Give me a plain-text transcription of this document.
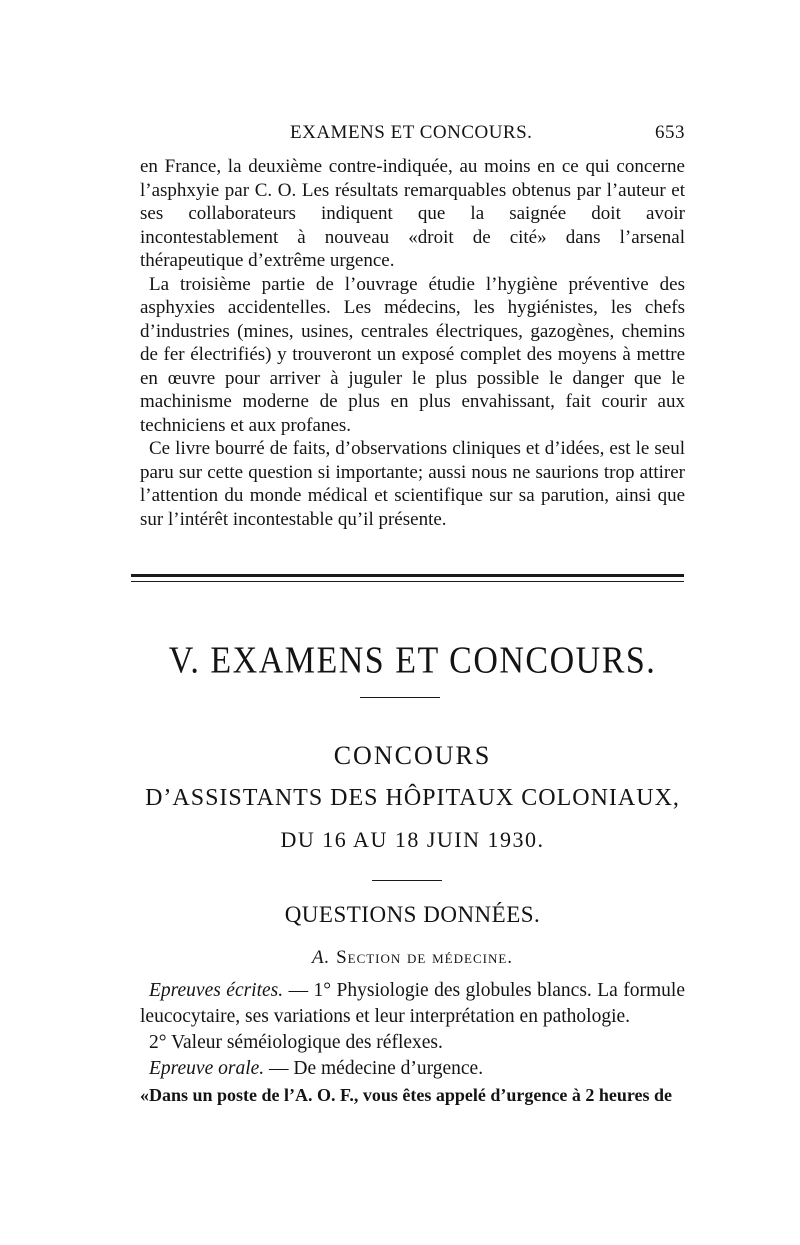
EXAMENS ET CONCOURS.	653

en France, la deuxième contre-indiquée, au moins en ce qui concerne l’asphxyie par C. O. Les résultats remarquables obtenus par l’auteur et ses collaborateurs indiquent que la saignée doit avoir incontestablement à nouveau «droit de cité» dans l’arsenal thérapeutique d’extrême urgence.

La troisième partie de l’ouvrage étudie l’hygiène préventive des asphyxies accidentelles. Les médecins, les hygiénistes, les chefs d’industries (mines, usines, centrales électriques, gazogènes, chemins de fer électrifiés) y trouveront un exposé complet des moyens à mettre en œuvre pour arriver à juguler le plus possible le danger que le machinisme moderne de plus en plus envahissant, fait courir aux techniciens et aux profanes.

Ce livre bourré de faits, d’observations cliniques et d’idées, est le seul paru sur cette question si importante; aussi nous ne saurions trop attirer l’attention du monde médical et scientifique sur sa parution, ainsi que sur l’intérêt incontestable qu’il présente.

V. EXAMENS ET CONCOURS.
CONCOURS
D’ASSISTANTS DES HÔPITAUX COLONIAUX,
DU 16 AU 18 JUIN 1930.
QUESTIONS DONNÉES.
A. Section de médecine.

Epreuves écrites. — 1° Physiologie des globules blancs. La formule leucocytaire, ses variations et leur interprétation en pathologie.

2° Valeur séméiologique des réflexes.

Epreuve orale. — De médecine d’urgence.

«Dans un poste de l’A. O. F., vous êtes appelé d’urgence à 2 heures de
